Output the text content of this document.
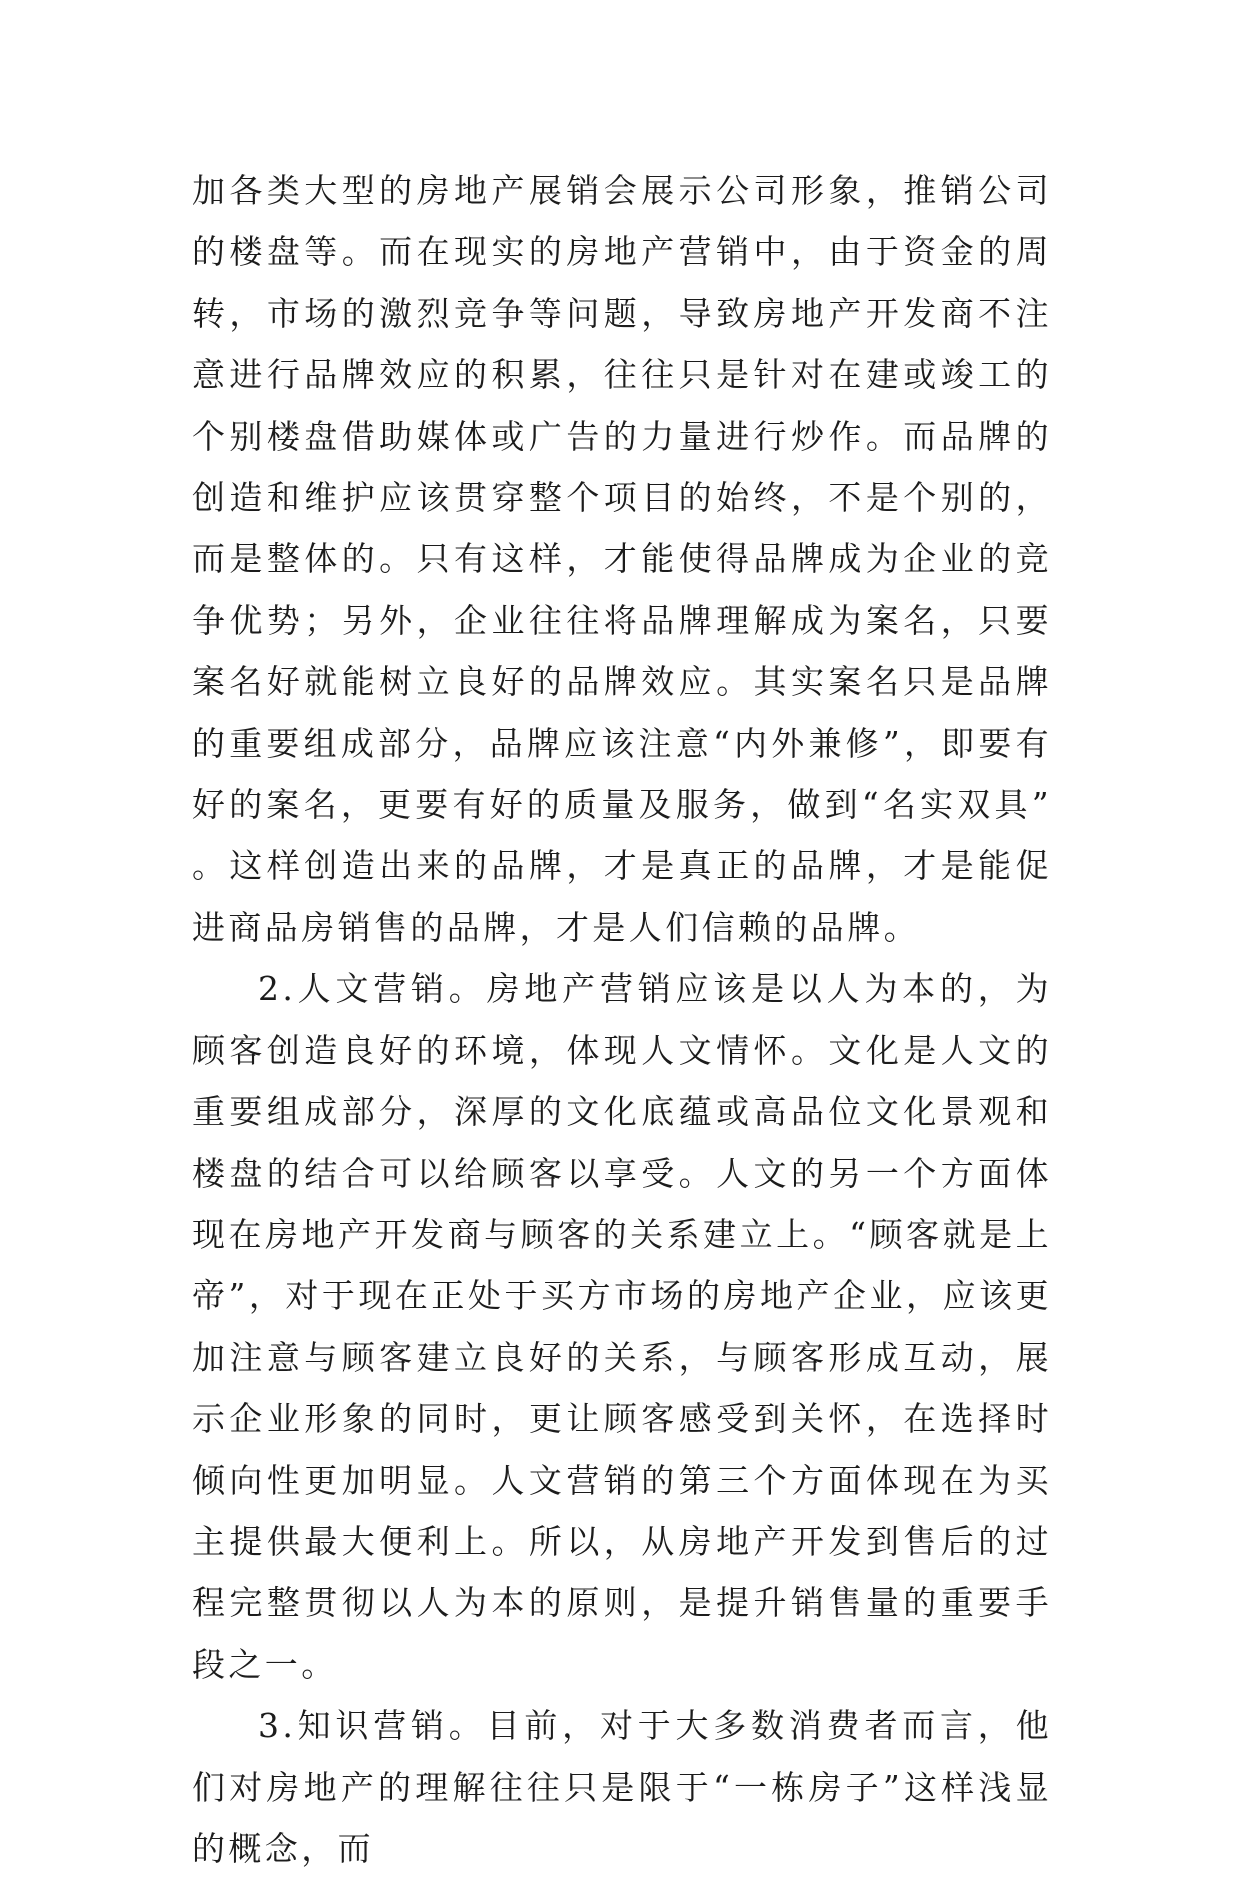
加各类大型的房地产展销会展示公司形象，推销公司的楼盘等。而在现实的房地产营销中，由于资金的周转，市场的激烈竞争等问题，导致房地产开发商不注意进行品牌效应的积累，往往只是针对在建或竣工的个别楼盘借助媒体或广告的力量进行炒作。而品牌的创造和维护应该贯穿整个项目的始终，不是个别的，而是整体的。只有这样，才能使得品牌成为企业的竞争优势；另外，企业往往将品牌理解成为案名，只要案名好就能树立良好的品牌效应。其实案名只是品牌的重要组成部分，品牌应该注意“内外兼修”，即要有好的案名，更要有好的质量及服务，做到“名实双具”。这样创造出来的品牌，才是真正的品牌，才是能促进商品房销售的品牌，才是人们信赖的品牌。

2.人文营销。房地产营销应该是以人为本的，为顾客创造良好的环境，体现人文情怀。文化是人文的重要组成部分，深厚的文化底蕴或高品位文化景观和楼盘的结合可以给顾客以享受。人文的另一个方面体现在房地产开发商与顾客的关系建立上。“顾客就是上帝”，对于现在正处于买方市场的房地产企业，应该更加注意与顾客建立良好的关系，与顾客形成互动，展示企业形象的同时，更让顾客感受到关怀，在选择时倾向性更加明显。人文营销的第三个方面体现在为买主提供最大便利上。所以，从房地产开发到售后的过程完整贯彻以人为本的原则，是提升销售量的重要手段之一。

3.知识营销。目前，对于大多数消费者而言，他们对房地产的理解往往只是限于“一栋房子”这样浅显的概念，而
